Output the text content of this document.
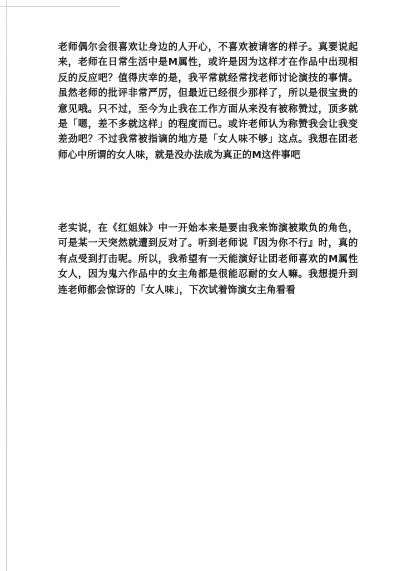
老师偶尔会很喜欢让身边的人开心，不喜欢被请客的样子。真要说起来，老师在日常生活中是M属性，或许是因为这样才在作品中出现相反的反应吧？值得庆幸的是，我平常就经常找老师讨论演技的事情。虽然老师的批评非常严厉，但最近已经很少那样了，所以是很宝贵的意见哦。只不过，至今为止我在工作方面从来没有被称赞过，顶多就是「嗯，差不多就这样」的程度而已。或许老师认为称赞我会让我变差劲吧？不过我常被指谪的地方是「女人味不够」这点。我想在团老师心中所谓的女人味，就是没办法成为真正的M这件事吧
老实说，在《红姐妹》中一开始本来是要由我来饰演被欺负的角色，可是某一天突然就遭到反对了。听到老师说『因为你不行』时，真的有点受到打击呢。所以，我希望有一天能演好让团老师喜欢的M属性女人，因为鬼六作品中的女主角都是很能忍耐的女人嘛。我想提升到连老师都会惊讶的「女人味」，下次试着饰演女主角看看
